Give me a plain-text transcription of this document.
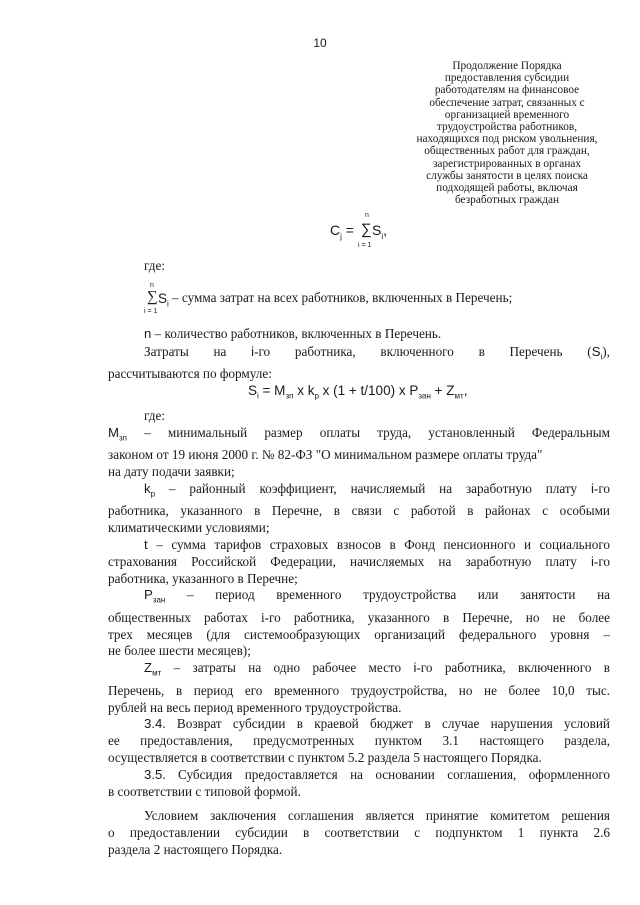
10
Продолжение Порядка
предоставления субсидии
работодателям на финансовое
обеспечение затрат, связанных с
организацией временного
трудоустройства работников,
находящихся под риском увольнения,
общественных работ для граждан,
зарегистрированных в органах
службы занятости в целях поиска
подходящей работы, включая
безработных граждан
n
$C_j$ = ∑ $S_i$,
i = 1
где:
n
∑ $S_i$
i = 1
– сумма затрат на всех работников, включенных в Перечень;
n – количество работников, включенных в Перечень.
Затраты на i-го работника, включенного в Перечень $(S_i)$,
рассчитываются по формуле:
$S_i = M_{зп}$ х $k_р$ х (1 + t/100) х $P_{зан} + Z_{мт}$,
где:

$M_{зп}$ – минимальный размер оплаты труда, установленный Федеральным

законом от 19 июня 2000 г. № 82-ФЗ "О минимальном размере оплаты труда"
на дату подачи заявки;
$k_р$ – районный коэффициент, начисляемый на заработную плату i-го
работника, указанного в Перечне, в связи с работой в районах с особыми
климатическими условиями;
t – сумма тарифов страховых взносов в Фонд пенсионного и социального
страхования Российской Федерации, начисляемых на заработную плату i-го
работника, указанного в Перечне;
$P_{зан}$ – период временного трудоустройства или занятости на
общественных работах i-го работника, указанного в Перечне, но не более
трех месяцев (для системообразующих организаций федерального уровня –
не более шести месяцев);
$Z_{мт}$ – затраты на одно рабочее место i-го работника, включенного в
Перечень, в период его временного трудоустройства, но не более 10,0 тыс.
рублей на весь период временного трудоустройства.
3.4. Возврат субсидии в краевой бюджет в случае нарушения условий
ее предоставления, предусмотренных пунктом 3.1 настоящего раздела,
осуществляется в соответствии с пунктом 5.2 раздела 5 настоящего Порядка.
3.5. Субсидия предоставляется на основании соглашения, оформленного
в соответствии с типовой формой.
Условием заключения соглашения является принятие комитетом решения
о предоставлении субсидии в соответствии с подпунктом 1 пункта 2.6
раздела 2 настоящего Порядка.
